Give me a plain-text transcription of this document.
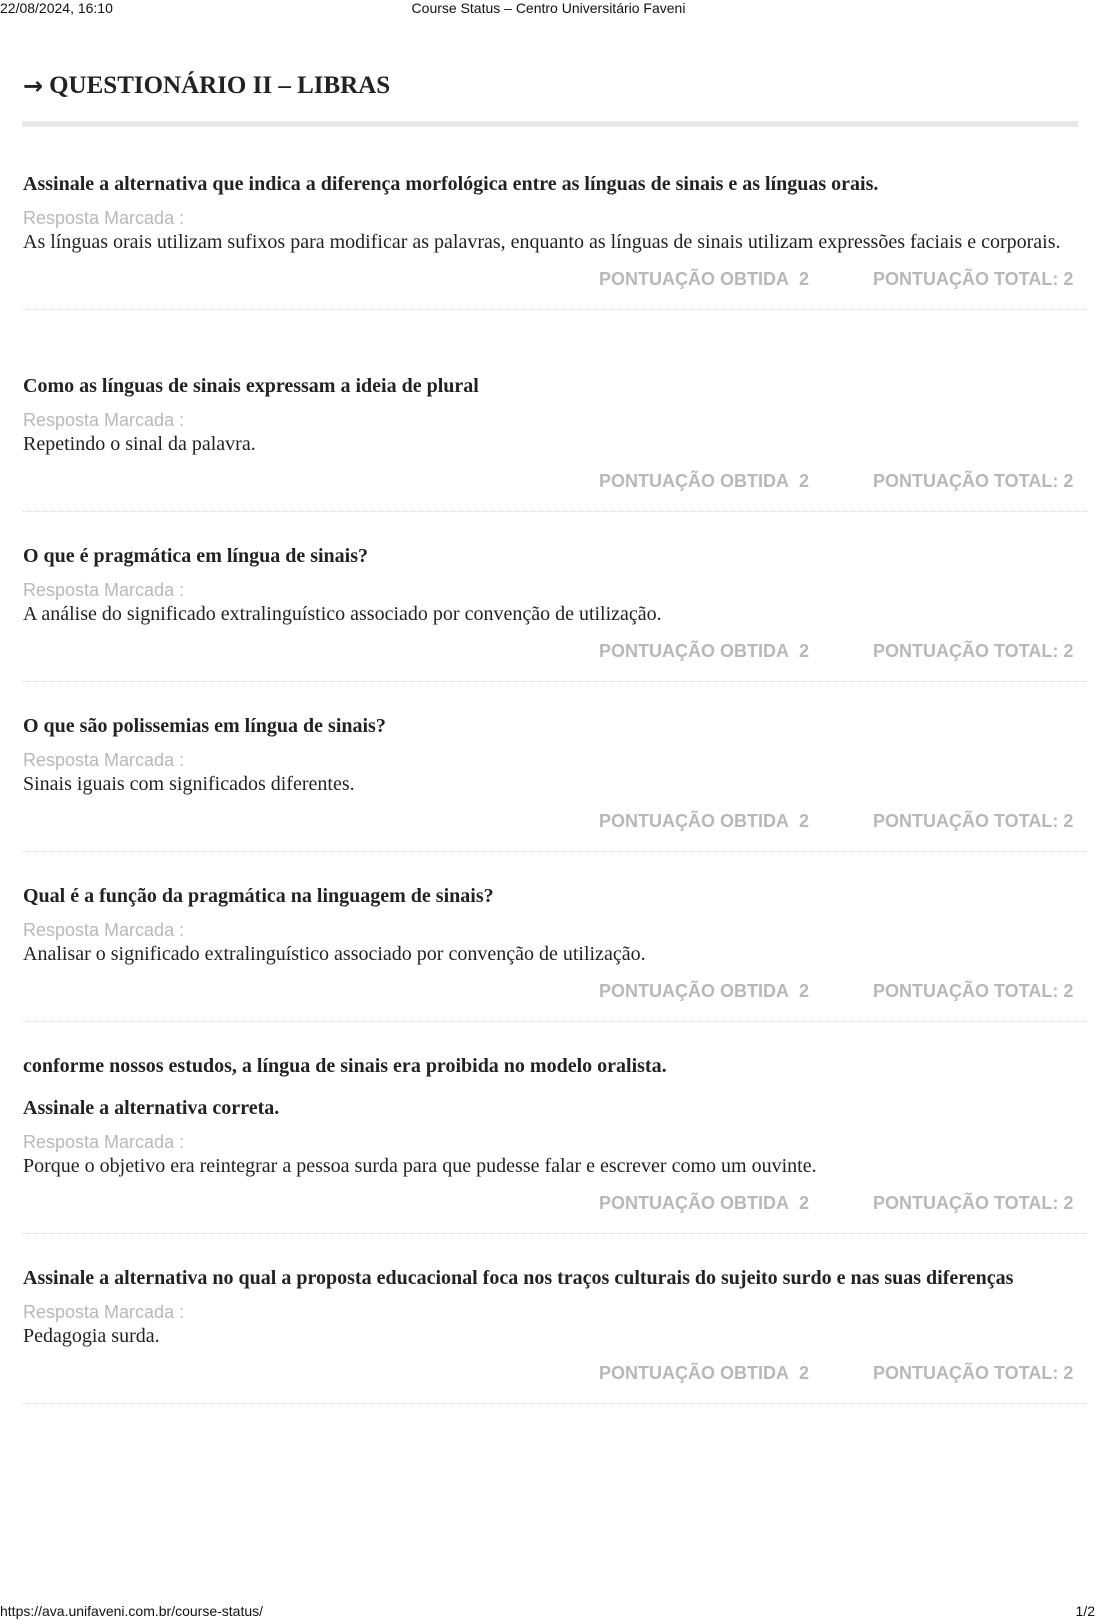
22/08/2024, 16:10	Course Status – Centro Universitário Faveni
→ QUESTIONÁRIO II – LIBRAS

Assinale a alternativa que indica a diferença morfológica entre as línguas de sinais e as línguas orais.

Resposta Marcada :
As línguas orais utilizam sufixos para modificar as palavras, enquanto as línguas de sinais utilizam expressões faciais e corporais.
PONTUAÇÃO OBTIDA 2	PONTUAÇÃO TOTAL: 2

Como as línguas de sinais expressam a ideia de plural

Resposta Marcada :
Repetindo o sinal da palavra.
PONTUAÇÃO OBTIDA 2	PONTUAÇÃO TOTAL: 2

O que é pragmática em língua de sinais?

Resposta Marcada :
A análise do significado extralinguístico associado por convenção de utilização.
PONTUAÇÃO OBTIDA 2	PONTUAÇÃO TOTAL: 2

O que são polissemias em língua de sinais?

Resposta Marcada :
Sinais iguais com significados diferentes.
PONTUAÇÃO OBTIDA 2	PONTUAÇÃO TOTAL: 2

Qual é a função da pragmática na linguagem de sinais?

Resposta Marcada :
Analisar o significado extralinguístico associado por convenção de utilização.
PONTUAÇÃO OBTIDA 2	PONTUAÇÃO TOTAL: 2

conforme nossos estudos, a língua de sinais era proibida no modelo oralista.

Assinale a alternativa correta.

Resposta Marcada :
Porque o objetivo era reintegrar a pessoa surda para que pudesse falar e escrever como um ouvinte.
PONTUAÇÃO OBTIDA 2	PONTUAÇÃO TOTAL: 2

Assinale a alternativa no qual a proposta educacional foca nos traços culturais do sujeito surdo e nas suas diferenças

Resposta Marcada :
Pedagogia surda.
PONTUAÇÃO OBTIDA 2	PONTUAÇÃO TOTAL: 2
https://ava.unifaveni.com.br/course-status/	1/2
